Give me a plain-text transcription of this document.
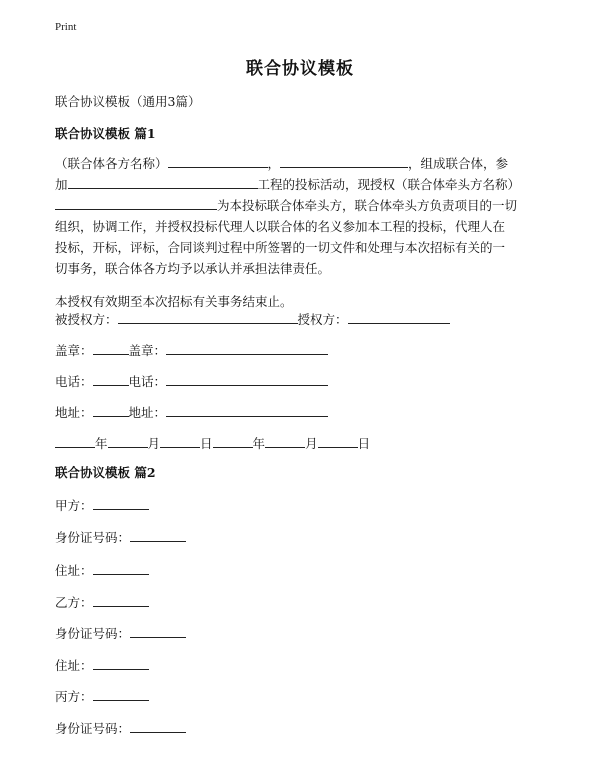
Print
联合协议模板
联合协议模板（通用3篇）
联合协议模板 篇1
（联合体各方名称）	，	，组成联合体，参
加	工程的投标活动，现授权（联合体牵头方名称）
为本投标联合体牵头方，联合体牵头方负责项目的一切
组织，协调工作，并授权投标代理人以联合体的名义参加本工程的投标，代理人在
投标，开标，评标，合同谈判过程中所签署的一切文件和处理与本次招标有关的一
切事务，联合体各方均予以承认并承担法律责任。
本授权有效期至本次招标有关事务结束止。
被授权方：	授权方：
盖章：	盖章：
电话：	电话：
地址：	地址：
年	月	日	年	月	日
联合协议模板 篇2
甲方：
身份证号码：
住址：
乙方：
身份证号码：
住址：
丙方：
身份证号码：
